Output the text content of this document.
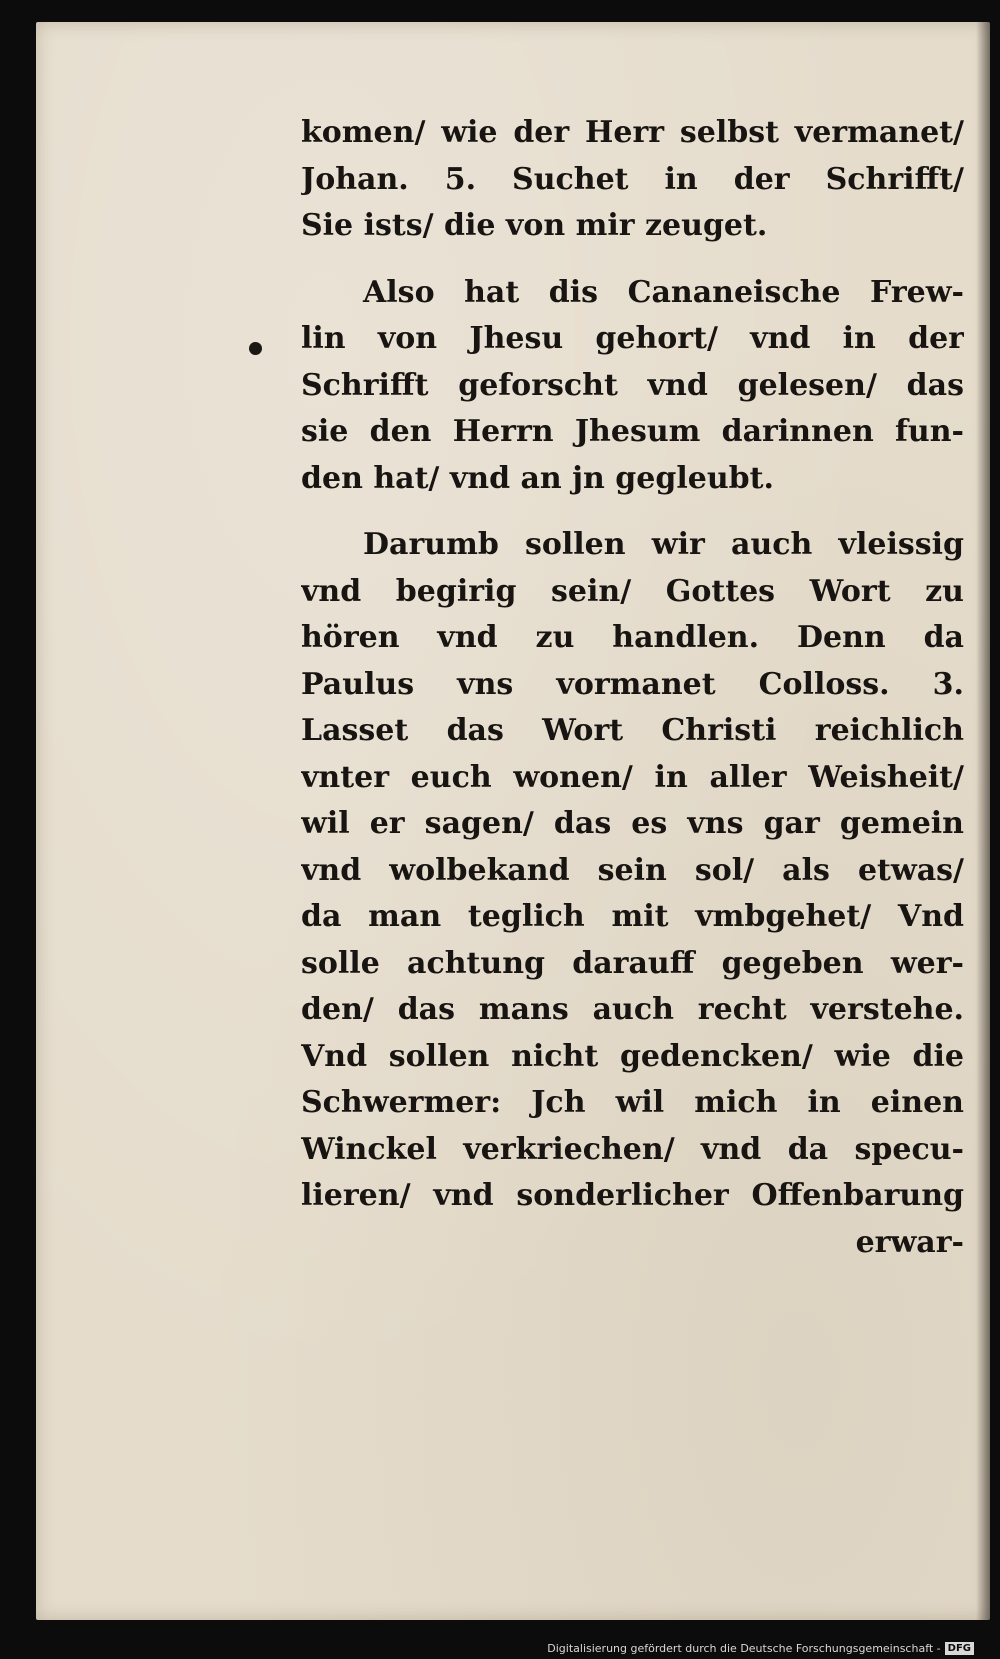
komen/ wie der Herr selbst vermanet/
Johan. 5. Suchet in der Schrifft/
Sie ists/ die von mir zeuget.
Also hat dis Cananeische Frew-
lin von Jhesu gehort/ vnd in der
Schrifft geforscht vnd gelesen/ das
sie den Herrn Jhesum darinnen fun-
den hat/ vnd an jn gegleubt.
Darumb sollen wir auch vleissig
vnd begirig sein/ Gottes Wort zu
hören vnd zu handlen. Denn da
Paulus vns vormanet Colloss. 3.
Lasset das Wort Christi reichlich
vnter euch wonen/ in aller Weisheit/
wil er sagen/ das es vns gar gemein
vnd wolbekand sein sol/ als etwas/
da man teglich mit vmbgehet/ Vnd
solle achtung darauff gegeben wer-
den/ das mans auch recht verstehe.
Vnd sollen nicht gedencken/ wie die
Schwermer: Jch wil mich in einen
Winckel verkriechen/ vnd da specu-
lieren/ vnd sonderlicher Offenbarung
erwar-
Digitalisierung gefördert durch die Deutsche Forschungsgemeinschaft - DFG
